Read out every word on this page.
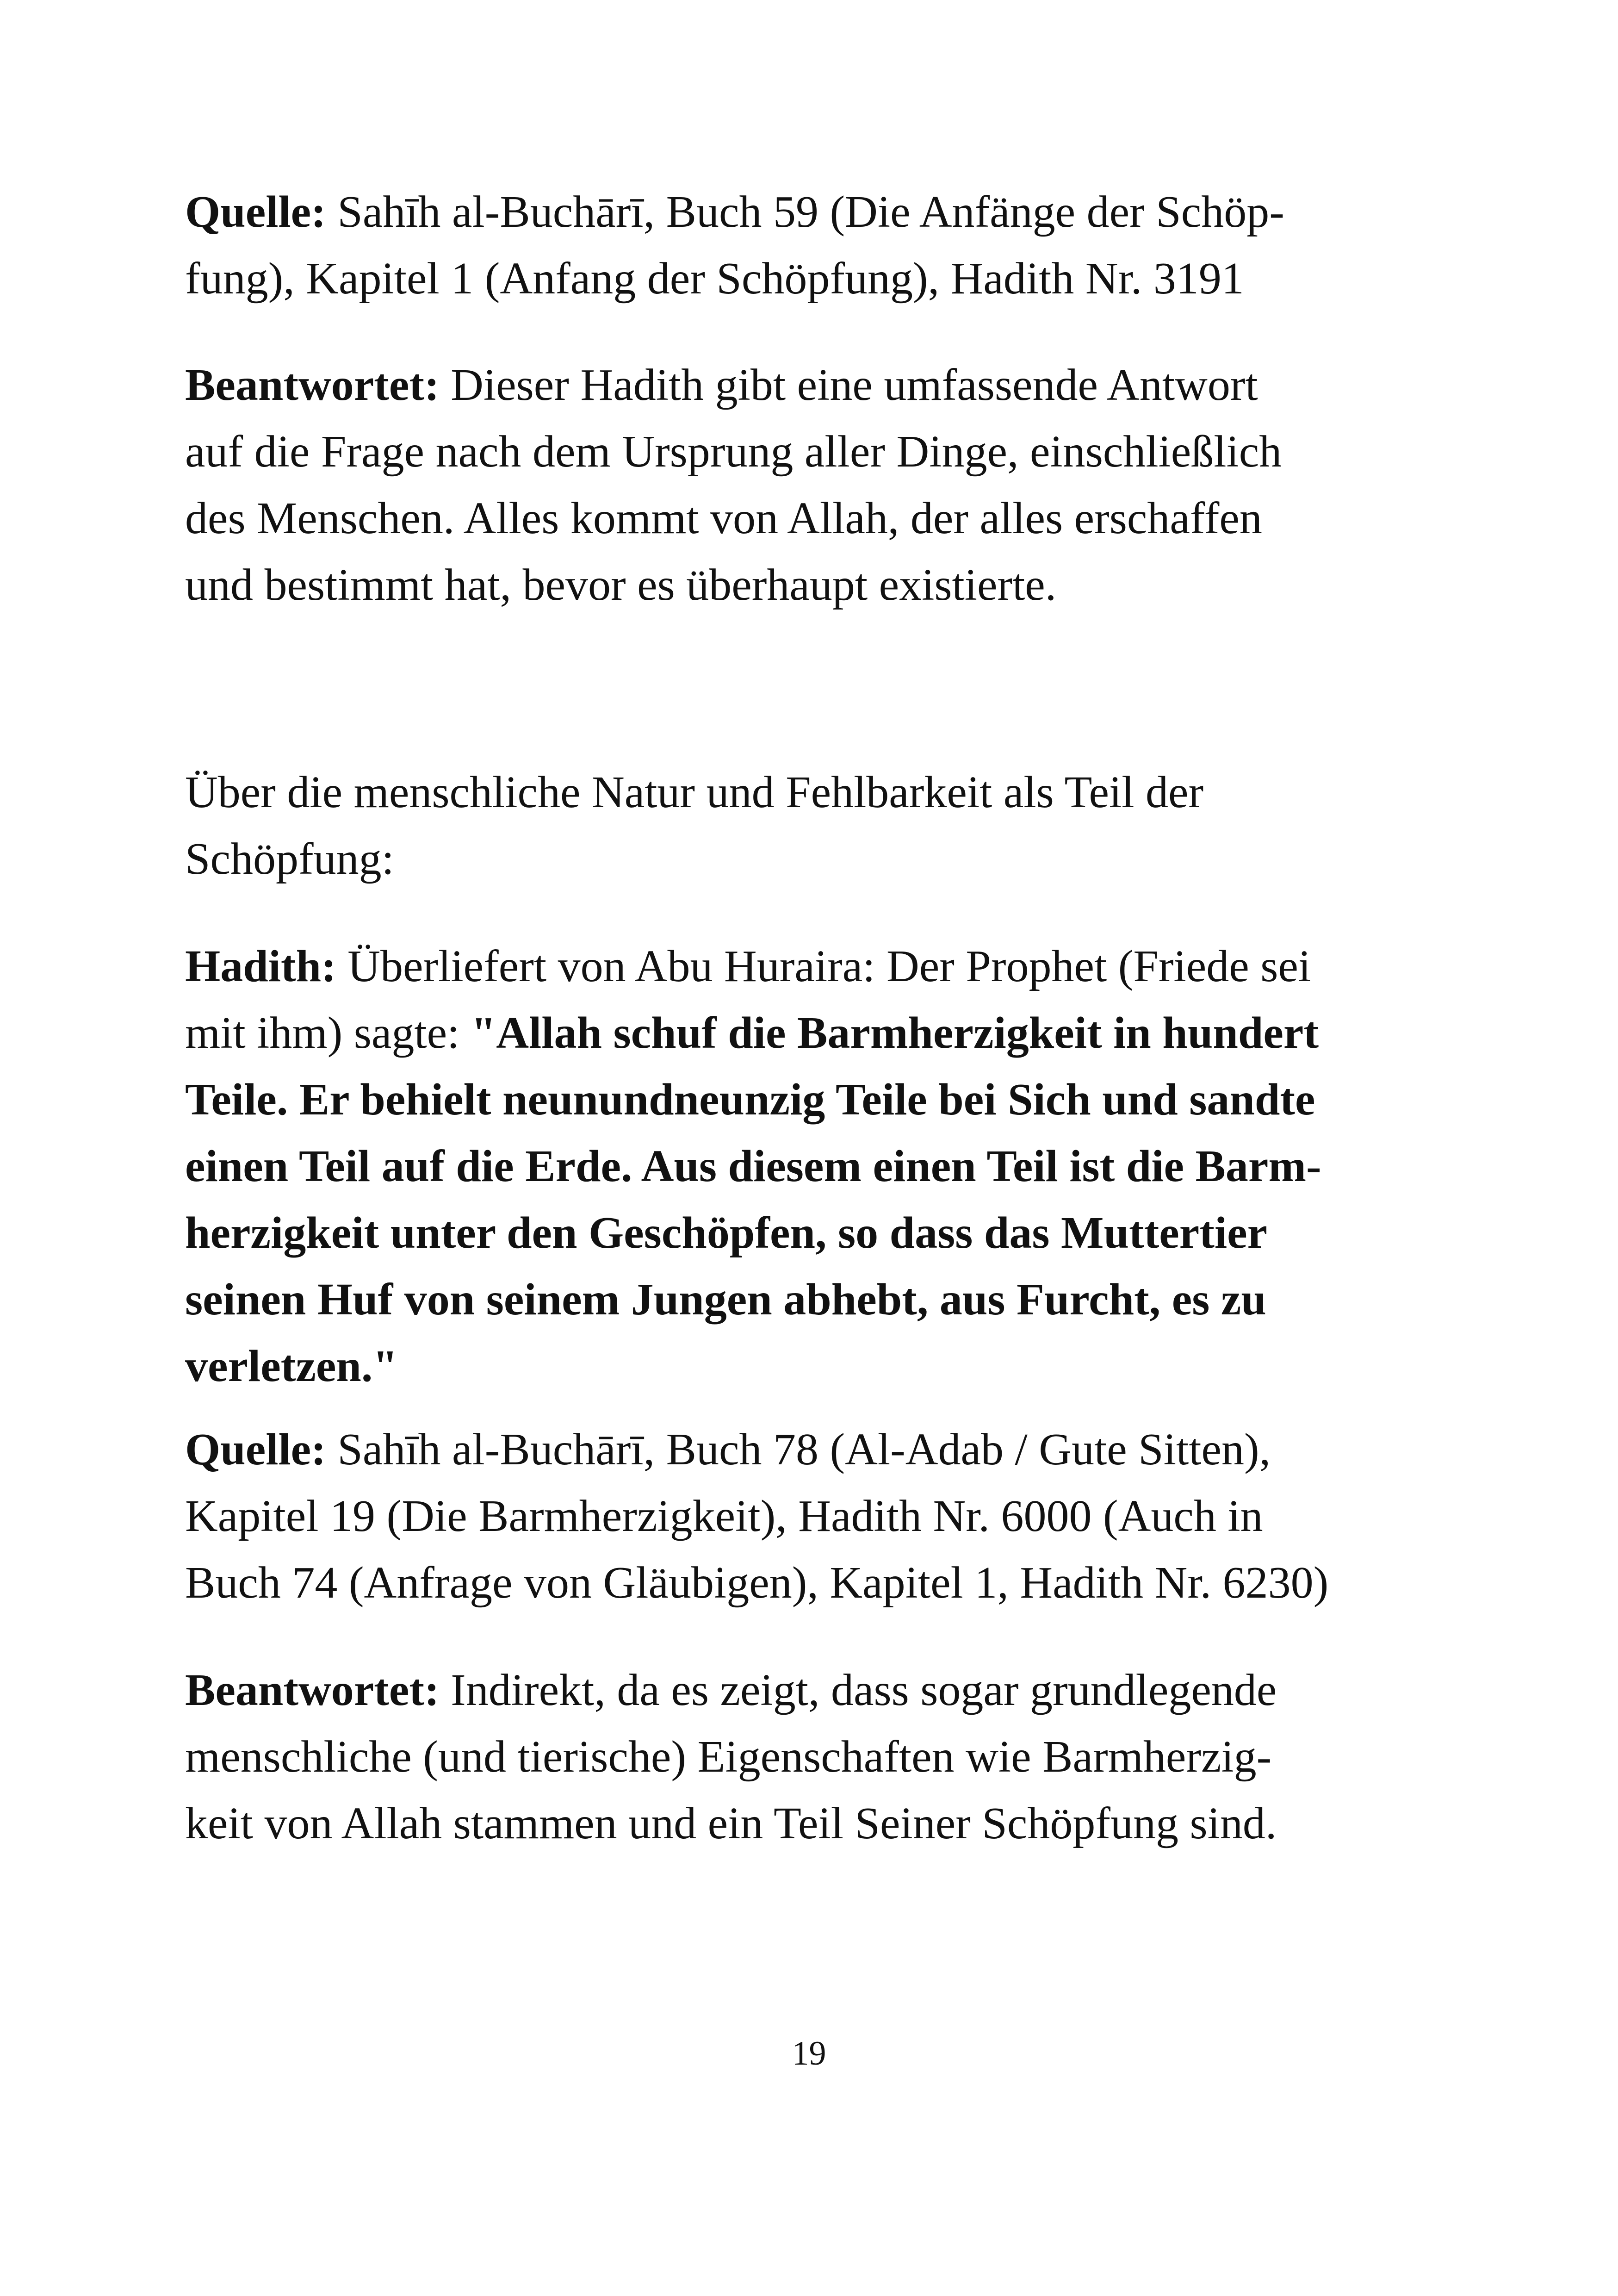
Quelle: Sahīh al-Buchārī, Buch 59 (Die Anfänge der Schöp-
fung), Kapitel 1 (Anfang der Schöpfung), Hadith Nr. 3191

Beantwortet: Dieser Hadith gibt eine umfassende Antwort
auf die Frage nach dem Ursprung aller Dinge, einschließlich
des Menschen. Alles kommt von Allah, der alles erschaffen
und bestimmt hat, bevor es überhaupt existierte.

Über die menschliche Natur und Fehlbarkeit als Teil der
Schöpfung:

Hadith: Überliefert von Abu Huraira: Der Prophet (Friede sei
mit ihm) sagte: "Allah schuf die Barmherzigkeit in hundert
Teile. Er behielt neunundneunzig Teile bei Sich und sandte
einen Teil auf die Erde. Aus diesem einen Teil ist die Barm-
herzigkeit unter den Geschöpfen, so dass das Muttertier
seinen Huf von seinem Jungen abhebt, aus Furcht, es zu
verletzen."

Quelle: Sahīh al-Buchārī, Buch 78 (Al-Adab / Gute Sitten),
Kapitel 19 (Die Barmherzigkeit), Hadith Nr. 6000 (Auch in
Buch 74 (Anfrage von Gläubigen), Kapitel 1, Hadith Nr. 6230)

Beantwortet: Indirekt, da es zeigt, dass sogar grundlegende
menschliche (und tierische) Eigenschaften wie Barmherzig-
keit von Allah stammen und ein Teil Seiner Schöpfung sind.

19
